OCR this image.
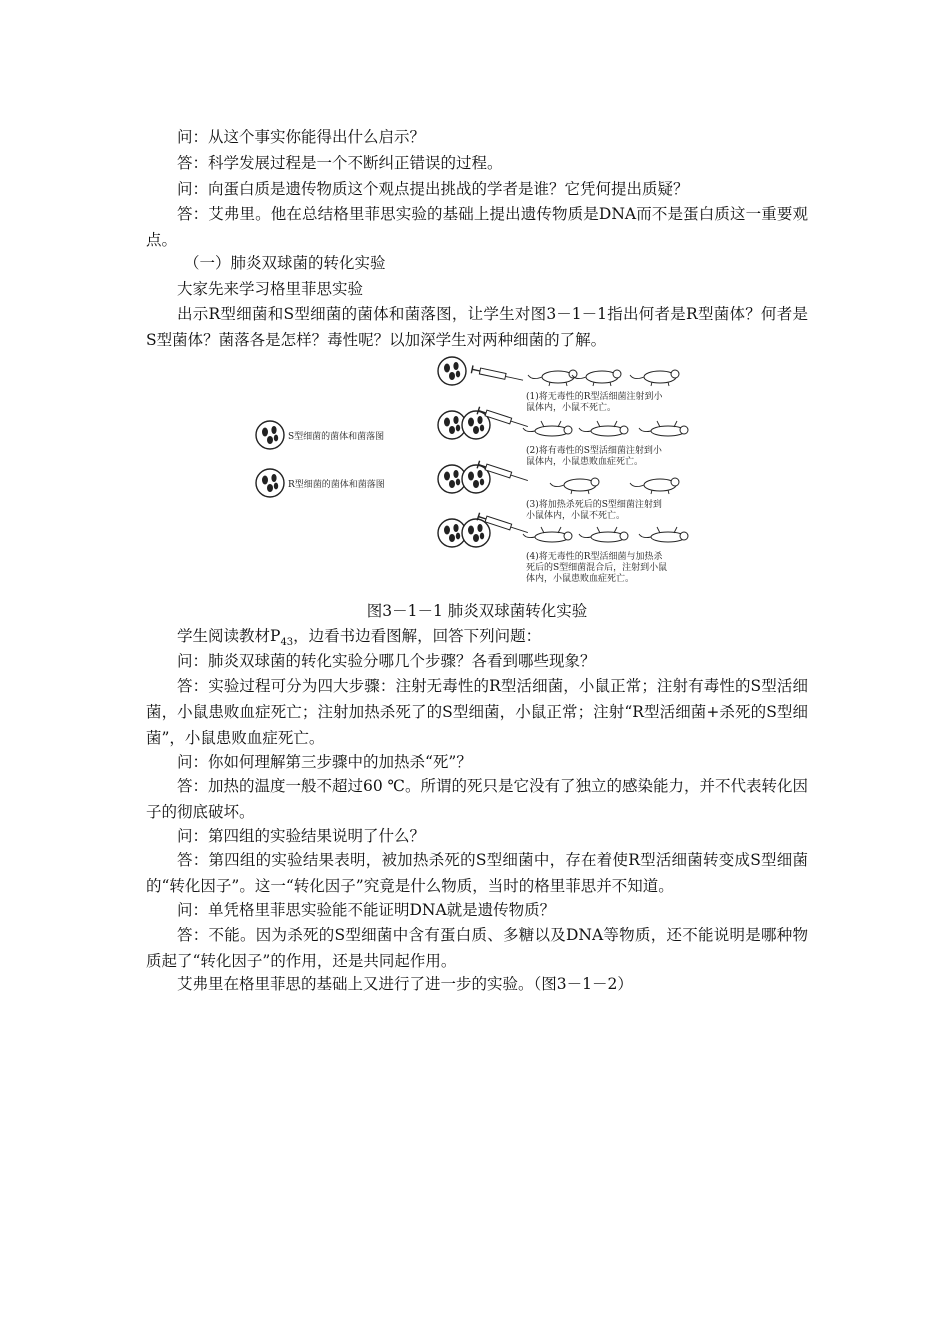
问：从这个事实你能得出什么启示？
答：科学发展过程是一个不断纠正错误的过程。
问：向蛋白质是遗传物质这个观点提出挑战的学者是谁？它凭何提出质疑？
答：艾弗里。他在总结格里菲思实验的基础上提出遗传物质是DNA而不是蛋白质这一重要观点。
（一）肺炎双球菌的转化实验
大家先来学习格里菲思实验
出示R型细菌和S型细菌的菌体和菌落图，让学生对图3－1－1指出何者是R型菌体？何者是S型菌体？菌落各是怎样？毒性呢？以加深学生对两种细菌的了解。
S型细菌的菌体和菌落图
R型细菌的菌体和菌落图
(1)将无毒性的R型活细菌注射到小
鼠体内，小鼠不死亡。
(2)将有毒性的S型活细菌注射到小
鼠体内，小鼠患败血症死亡。
(3)将加热杀死后的S型细菌注射到
小鼠体内，小鼠不死亡。
(4)将无毒性的R型活细菌与加热杀
死后的S型细菌混合后，注射到小鼠
体内，小鼠患败血症死亡。
图3－1－1 肺炎双球菌转化实验
学生阅读教材$P_{43}$，边看书边看图解，回答下列问题：
问：肺炎双球菌的转化实验分哪几个步骤？各看到哪些现象？
答：实验过程可分为四大步骤：注射无毒性的R型活细菌，小鼠正常；注射有毒性的S型活细菌，小鼠患败血症死亡；注射加热杀死了的S型细菌，小鼠正常；注射“R型活细菌+杀死的S型细菌”，小鼠患败血症死亡。
问：你如何理解第三步骤中的加热杀“死”？
答：加热的温度一般不超过60 ℃。所谓的死只是它没有了独立的感染能力，并不代表转化因子的彻底破坏。
问：第四组的实验结果说明了什么？
答：第四组的实验结果表明，被加热杀死的S型细菌中，存在着使R型活细菌转变成S型细菌的“转化因子”。这一“转化因子”究竟是什么物质，当时的格里菲思并不知道。
问：单凭格里菲思实验能不能证明DNA就是遗传物质？
答：不能。因为杀死的S型细菌中含有蛋白质、多糖以及DNA等物质，还不能说明是哪种物质起了“转化因子”的作用，还是共同起作用。
艾弗里在格里菲思的基础上又进行了进一步的实验。（图3－1－2）
